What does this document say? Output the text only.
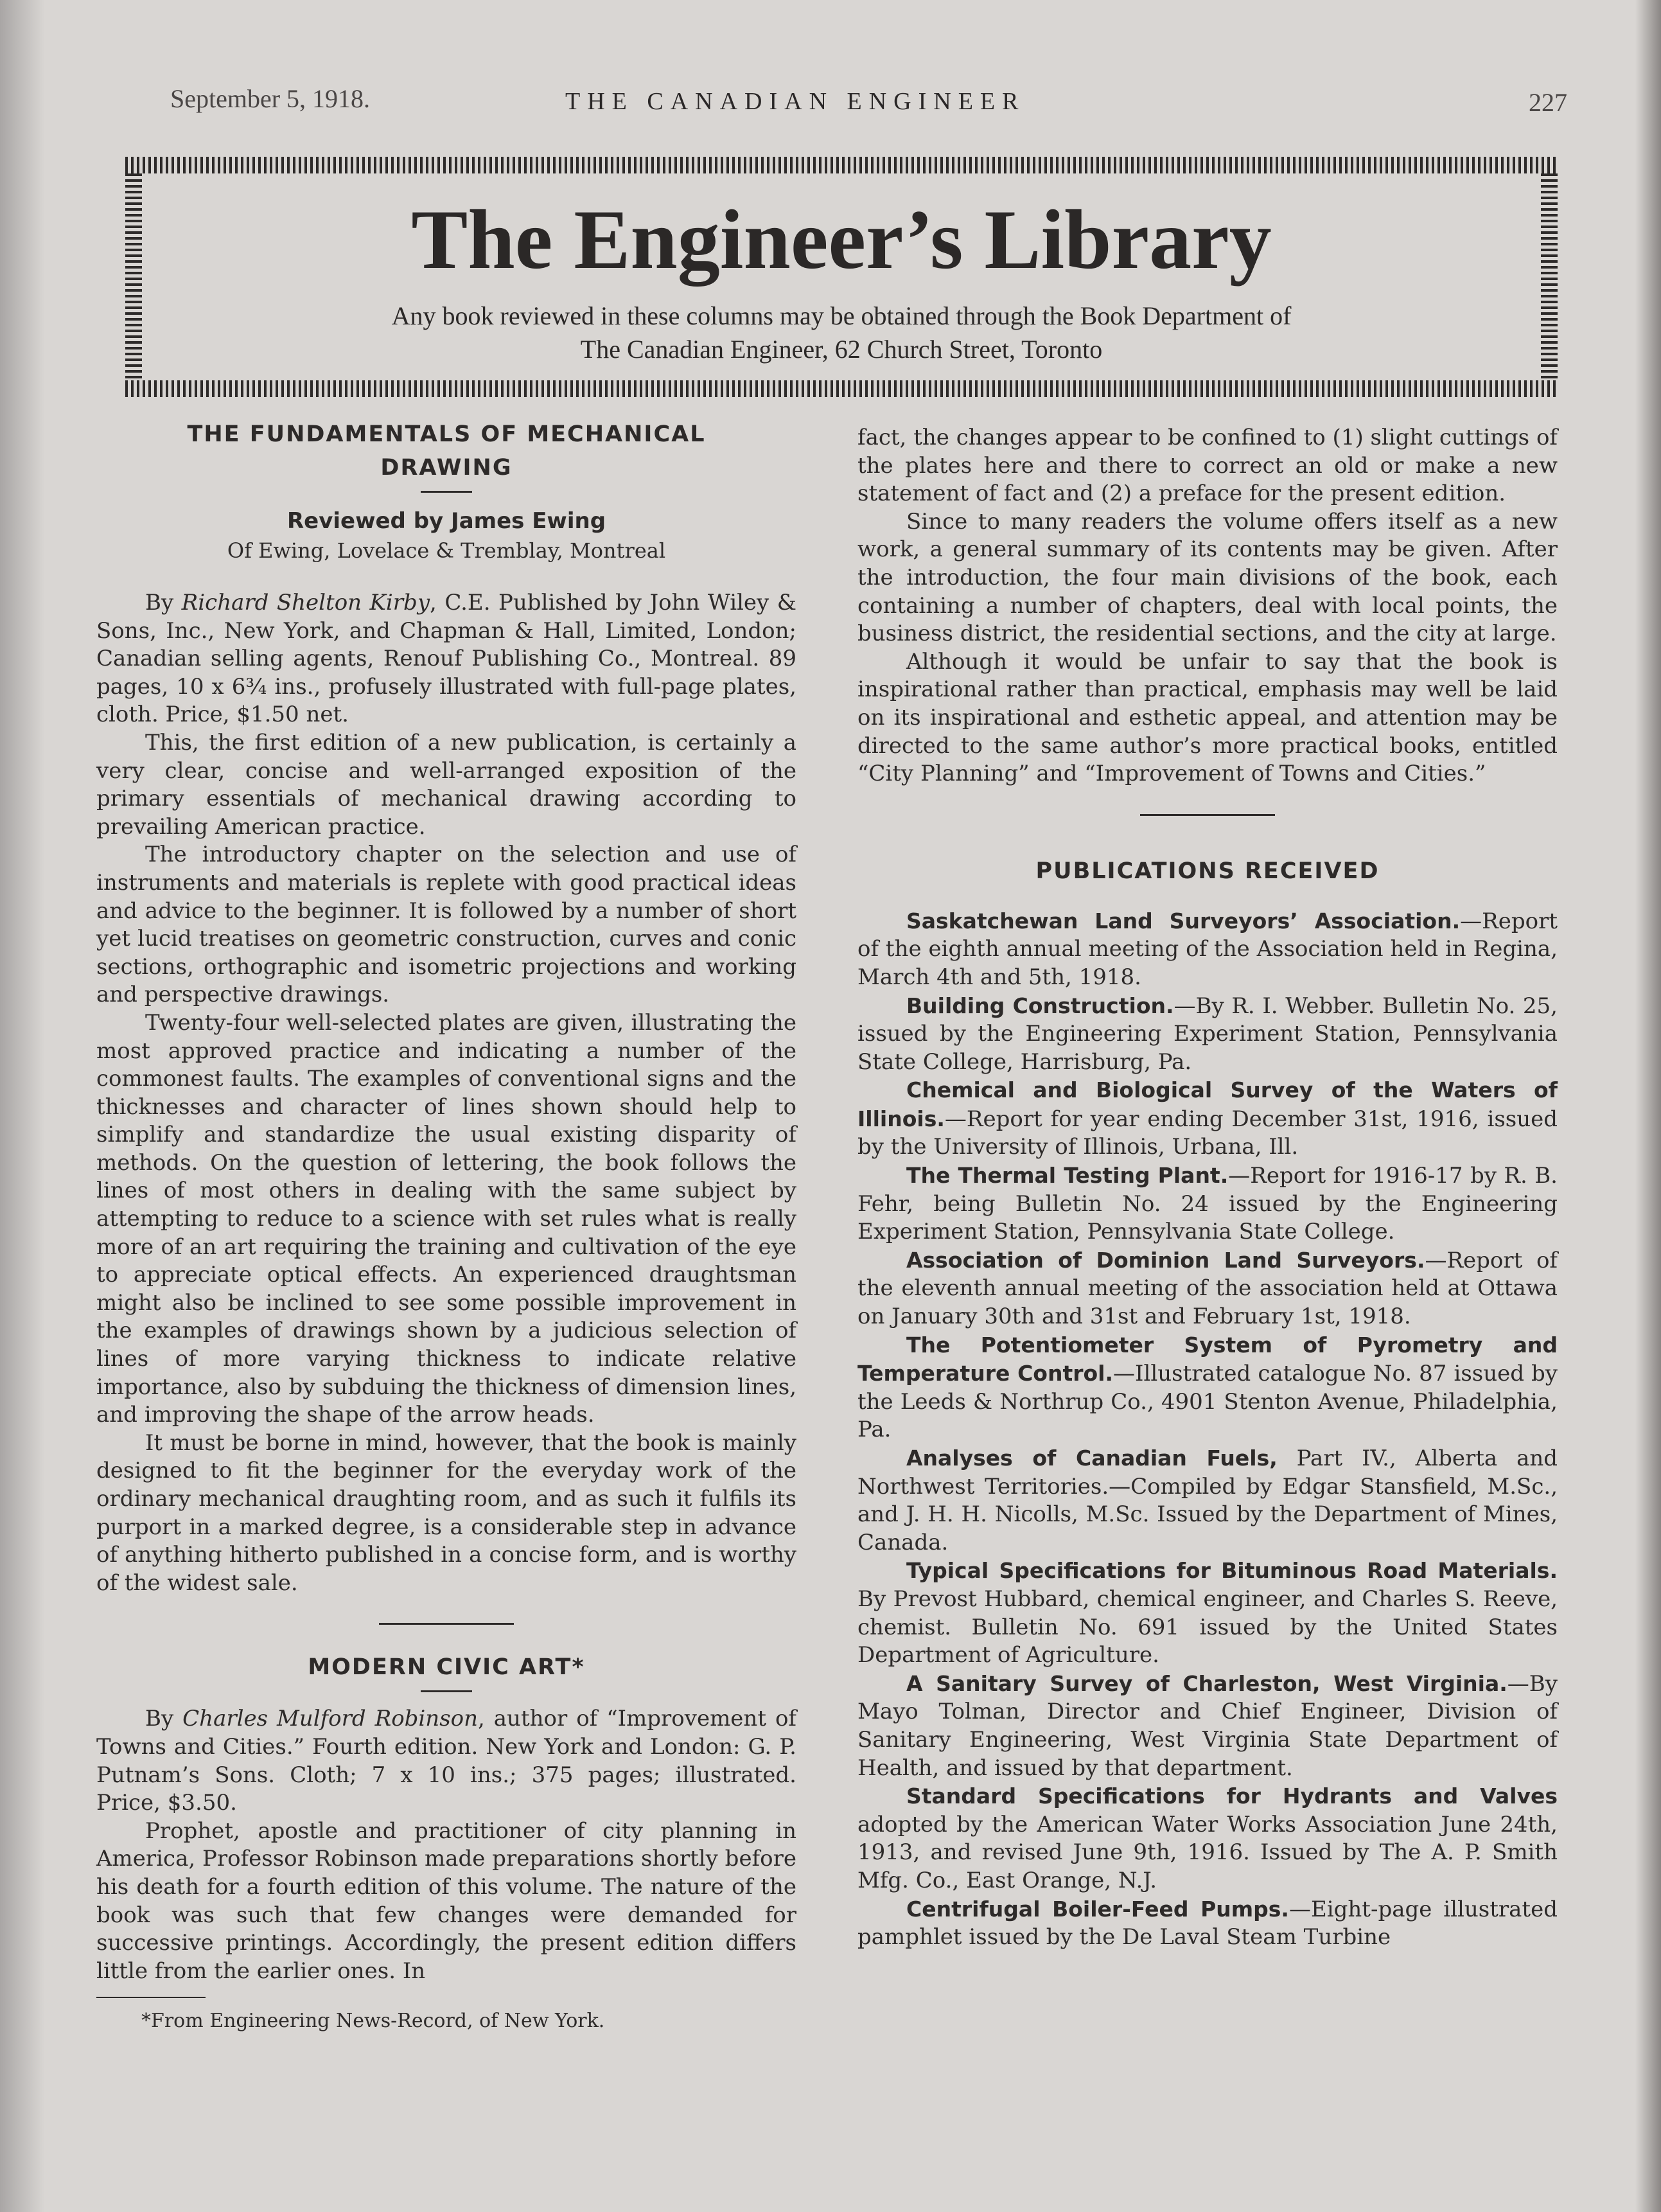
September 5, 1918.	THE CANADIAN ENGINEER	227
The Engineer’s Library
Any book reviewed in these columns may be obtained through the Book Department of
The Canadian Engineer, 62 Church Street, Toronto
THE FUNDAMENTALS OF MECHANICAL
DRAWING

Reviewed by James Ewing

Of Ewing, Lovelace & Tremblay, Montreal

By Richard Shelton Kirby, C.E. Published by John Wiley & Sons, Inc., New York, and Chapman & Hall, Limited, London; Canadian selling agents, Renouf Publishing Co., Montreal. 89 pages, 10 x 6¾ ins., profusely illustrated with full-page plates, cloth. Price, $1.50 net.

This, the first edition of a new publication, is certainly a very clear, concise and well-arranged exposition of the primary essentials of mechanical drawing according to prevailing American practice.

The introductory chapter on the selection and use of instruments and materials is replete with good practical ideas and advice to the beginner. It is followed by a number of short yet lucid treatises on geometric construction, curves and conic sections, orthographic and isometric projections and working and perspective drawings.

Twenty-four well-selected plates are given, illustrating the most approved practice and indicating a number of the commonest faults. The examples of conventional signs and the thicknesses and character of lines shown should help to simplify and standardize the usual existing disparity of methods. On the question of lettering, the book follows the lines of most others in dealing with the same subject by attempting to reduce to a science with set rules what is really more of an art requiring the training and cultivation of the eye to appreciate optical effects. An experienced draughtsman might also be inclined to see some possible improvement in the examples of drawings shown by a judicious selection of lines of more varying thickness to indicate relative importance, also by subduing the thickness of dimension lines, and improving the shape of the arrow heads.

It must be borne in mind, however, that the book is mainly designed to fit the beginner for the everyday work of the ordinary mechanical draughting room, and as such it fulfils its purport in a marked degree, is a considerable step in advance of anything hitherto published in a concise form, and is worthy of the widest sale.

MODERN CIVIC ART*

By Charles Mulford Robinson, author of “Improvement of Towns and Cities.” Fourth edition. New York and London: G. P. Putnam’s Sons. Cloth; 7 x 10 ins.; 375 pages; illustrated. Price, $3.50.

Prophet, apostle and practitioner of city planning in America, Professor Robinson made preparations shortly before his death for a fourth edition of this volume. The nature of the book was such that few changes were demanded for successive printings. Accordingly, the present edition differs little from the earlier ones. In

*From Engineering News-Record, of New York.

fact, the changes appear to be confined to (1) slight cuttings of the plates here and there to correct an old or make a new statement of fact and (2) a preface for the present edition.

Since to many readers the volume offers itself as a new work, a general summary of its contents may be given. After the introduction, the four main divisions of the book, each containing a number of chapters, deal with local points, the business district, the residential sections, and the city at large.

Although it would be unfair to say that the book is inspirational rather than practical, emphasis may well be laid on its inspirational and esthetic appeal, and attention may be directed to the same author’s more practical books, entitled “City Planning” and “Improvement of Towns and Cities.”

PUBLICATIONS RECEIVED

Saskatchewan Land Surveyors’ Association.—Report of the eighth annual meeting of the Association held in Regina, March 4th and 5th, 1918.

Building Construction.—By R. I. Webber. Bulletin No. 25, issued by the Engineering Experiment Station, Pennsylvania State College, Harrisburg, Pa.

Chemical and Biological Survey of the Waters of Illinois.—Report for year ending December 31st, 1916, issued by the University of Illinois, Urbana, Ill.

The Thermal Testing Plant.—Report for 1916-17 by R. B. Fehr, being Bulletin No. 24 issued by the Engineering Experiment Station, Pennsylvania State College.

Association of Dominion Land Surveyors.—Report of the eleventh annual meeting of the association held at Ottawa on January 30th and 31st and February 1st, 1918.

The Potentiometer System of Pyrometry and Temperature Control.—Illustrated catalogue No. 87 issued by the Leeds & Northrup Co., 4901 Stenton Avenue, Philadelphia, Pa.

Analyses of Canadian Fuels, Part IV., Alberta and Northwest Territories.—Compiled by Edgar Stansfield, M.Sc., and J. H. H. Nicolls, M.Sc. Issued by the Department of Mines, Canada.

Typical Specifications for Bituminous Road Materials. By Prevost Hubbard, chemical engineer, and Charles S. Reeve, chemist. Bulletin No. 691 issued by the United States Department of Agriculture.

A Sanitary Survey of Charleston, West Virginia.—By Mayo Tolman, Director and Chief Engineer, Division of Sanitary Engineering, West Virginia State Department of Health, and issued by that department.

Standard Specifications for Hydrants and Valves adopted by the American Water Works Association June 24th, 1913, and revised June 9th, 1916. Issued by The A. P. Smith Mfg. Co., East Orange, N.J.

Centrifugal Boiler-Feed Pumps.—Eight-page illustrated pamphlet issued by the De Laval Steam Turbine
